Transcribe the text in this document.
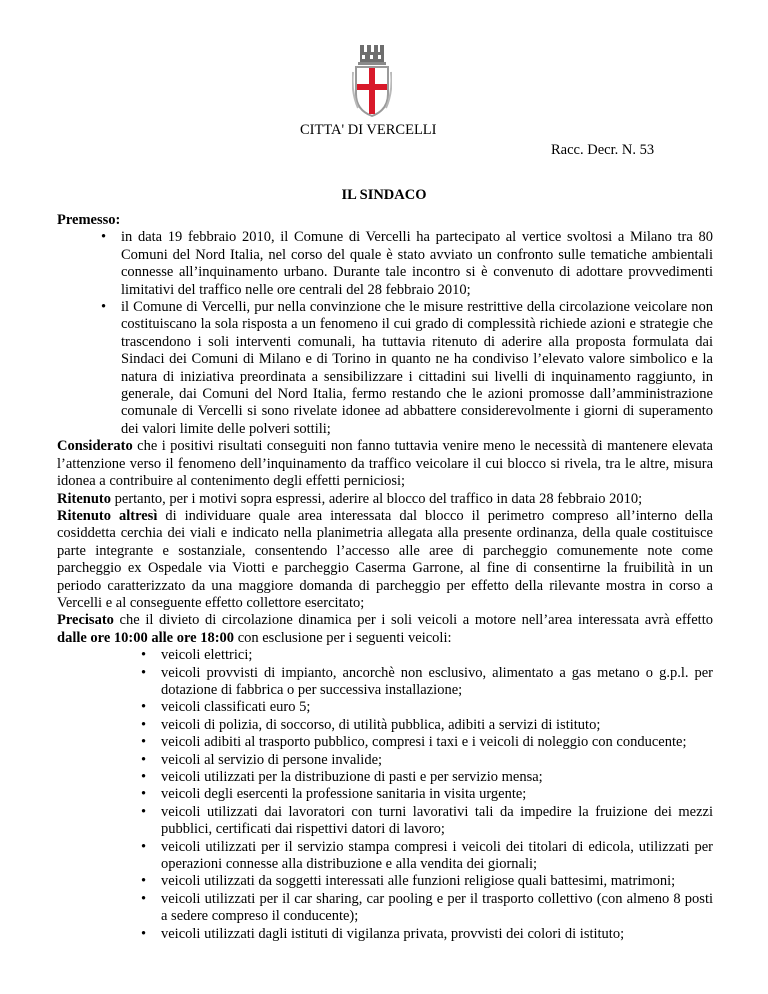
CITTA' DI VERCELLI
Racc. Decr. N. 53
IL SINDACO

Premesso:

• in data 19 febbraio 2010, il Comune di Vercelli ha partecipato al vertice svoltosi a Milano tra 80 Comuni del Nord Italia, nel corso del quale è stato avviato un confronto sulle tematiche ambientali connesse all’inquinamento urbano. Durante tale incontro si è convenuto di adottare provvedimenti limitativi del traffico nelle ore centrali del 28 febbraio 2010;
• il Comune di Vercelli, pur nella convinzione che le misure restrittive della circolazione veicolare non costituiscano la sola risposta a un fenomeno il cui grado di complessità richiede azioni e strategie che trascendono i soli interventi comunali, ha tuttavia ritenuto di aderire alla proposta formulata dai Sindaci dei Comuni di Milano e di Torino in quanto ne ha condiviso l’elevato valore simbolico e la natura di iniziativa preordinata a sensibilizzare i cittadini sui livelli di inquinamento raggiunto, in generale, dai Comuni del Nord Italia, fermo restando che le azioni promosse dall’amministrazione comunale di Vercelli si sono rivelate idonee ad abbattere considerevolmente i giorni di superamento dei valori limite delle polveri sottili;

Considerato che i positivi risultati conseguiti non fanno tuttavia venire meno le necessità di mantenere elevata l’attenzione verso il fenomeno dell’inquinamento da traffico veicolare il cui blocco si rivela, tra le altre, misura idonea a contribuire al contenimento degli effetti perniciosi;

Ritenuto pertanto, per i motivi sopra espressi, aderire al blocco del traffico in data 28 febbraio 2010;

Ritenuto altresì di individuare quale area interessata dal blocco il perimetro compreso all’interno della cosiddetta cerchia dei viali e indicato nella planimetria allegata alla presente ordinanza, della quale costituisce parte integrante e sostanziale, consentendo l’accesso alle aree di parcheggio comunemente note come parcheggio ex Ospedale via Viotti e parcheggio Caserma Garrone, al fine di consentirne la fruibilità in un periodo caratterizzato da una maggiore domanda di parcheggio per effetto della rilevante mostra in corso a Vercelli e al conseguente effetto collettore esercitato;

Precisato che il divieto di circolazione dinamica per i soli veicoli a motore nell’area interessata avrà effetto dalle ore 10:00 alle ore 18:00 con esclusione per i seguenti veicoli:

• veicoli elettrici;
• veicoli provvisti di impianto, ancorchè non esclusivo, alimentato a gas metano o g.p.l. per dotazione di fabbrica o per successiva installazione;
• veicoli classificati euro 5;
• veicoli di polizia, di soccorso, di utilità pubblica, adibiti a servizi di istituto;
• veicoli adibiti al trasporto pubblico, compresi i taxi e i veicoli di noleggio con conducente;
• veicoli al servizio di persone invalide;
• veicoli utilizzati per la distribuzione di pasti e per servizio mensa;
• veicoli degli esercenti la professione sanitaria in visita urgente;
• veicoli utilizzati dai lavoratori con turni lavorativi tali da impedire la fruizione dei mezzi pubblici, certificati dai rispettivi datori di lavoro;
• veicoli utilizzati per il servizio stampa compresi i veicoli dei titolari di edicola, utilizzati per operazioni connesse alla distribuzione e alla vendita dei giornali;
• veicoli utilizzati da soggetti interessati alle funzioni religiose quali battesimi, matrimoni;
• veicoli utilizzati per il car sharing, car pooling e per il trasporto collettivo (con almeno 8 posti a sedere compreso il conducente);
• veicoli utilizzati dagli istituti di vigilanza privata, provvisti dei colori di istituto;
